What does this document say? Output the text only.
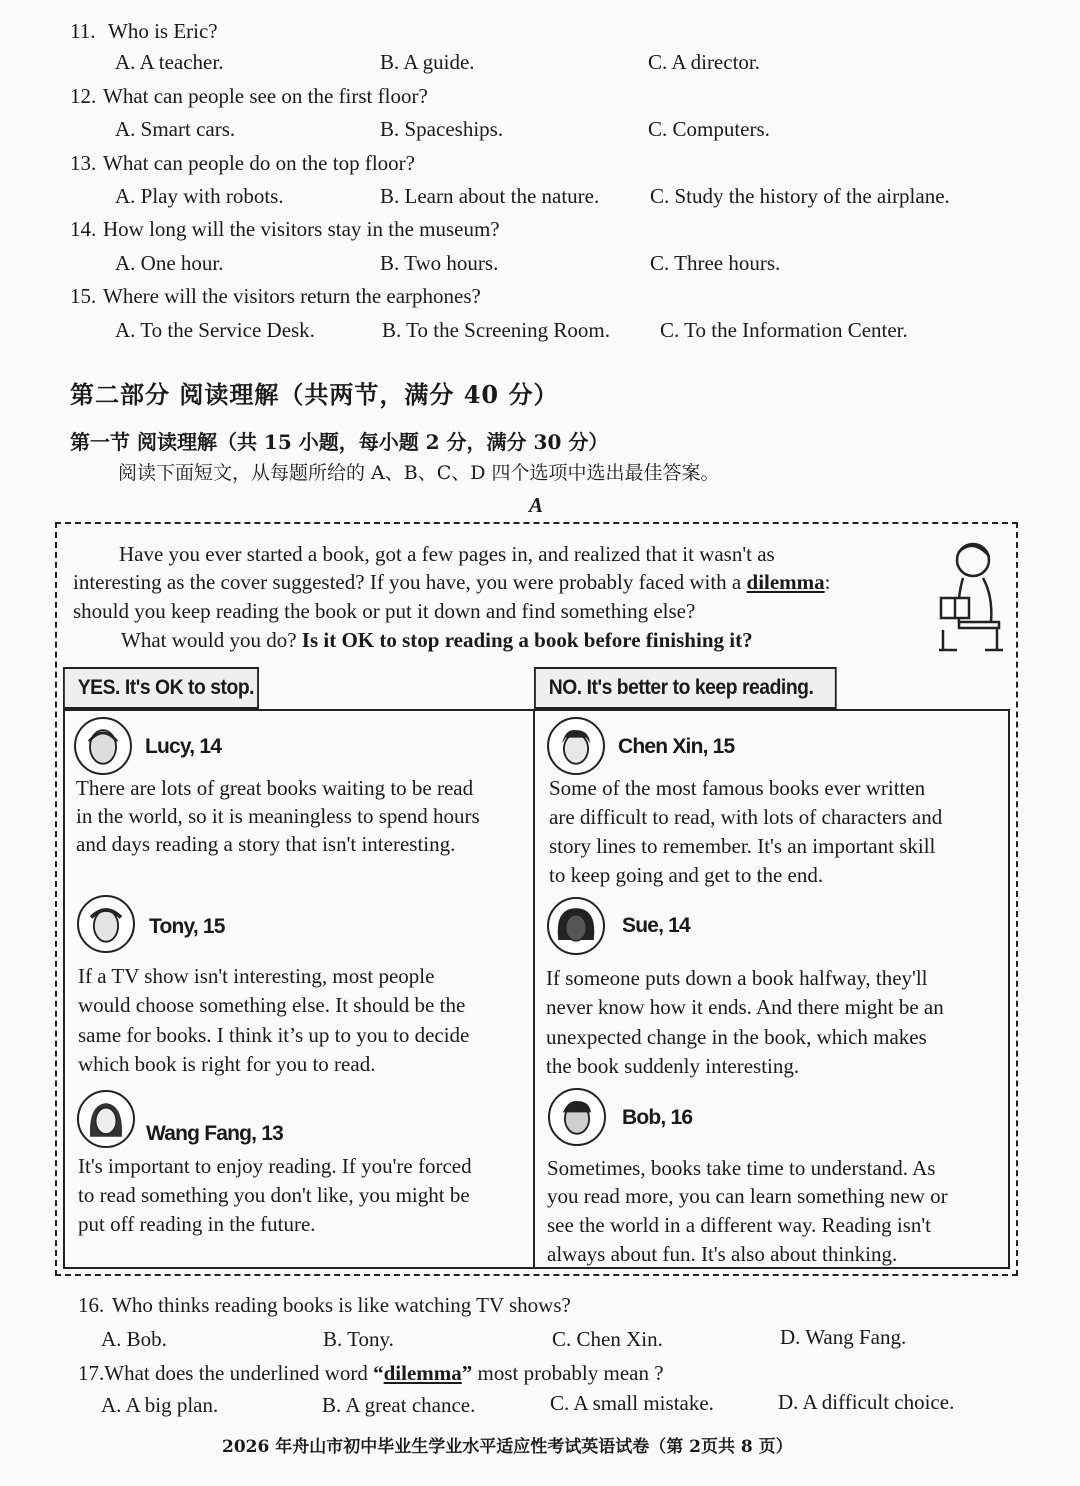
11. Who is Eric?
A. A teacher.	B. A guide.	C. A director.
12. What can people see on the first floor?
A. Smart cars.	B. Spaceships.	C. Computers.
13. What can people do on the top floor?
A. Play with robots.	B. Learn about the nature. C. Study the history of the airplane.
14. How long will the visitors stay in the museum?
A. One hour.	B. Two hours.	C. Three hours.
15. Where will the visitors return the earphones?
A. To the Service Desk.	B. To the Screening Room. C. To the Information Center.
第二部分 阅读理解（共两节，满分 40 分）
第一节 阅读理解（共 15 小题，每小题 2 分，满分 30 分）
阅读下面短文，从每题所给的 A、B、C、D 四个选项中选出最佳答案。
A
Have you ever started a book, got a few pages in, and realized that it wasn't as
interesting as the cover suggested? If you have, you were probably faced with a dilemma:
should you keep reading the book or put it down and find something else?
What would you do? Is it OK to stop reading a book before finishing it?
YES. It's OK to stop.	NO. It's better to keep reading.
Lucy, 14
There are lots of great books waiting to be read
in the world, so it is meaningless to spend hours
and days reading a story that isn't interesting.
Tony, 15
If a TV show isn't interesting, most people
would choose something else. It should be the
same for books. I think it’s up to you to decide
which book is right for you to read.
Wang Fang, 13
It's important to enjoy reading. If you're forced
to read something you don't like, you might be
put off reading in the future.
Chen Xin, 15
Some of the most famous books ever written
are difficult to read, with lots of characters and
story lines to remember. It's an important skill
to keep going and get to the end.
Sue, 14
If someone puts down a book halfway, they'll
never know how it ends. And there might be an
unexpected change in the book, which makes
the book suddenly interesting.
Bob, 16
Sometimes, books take time to understand. As
you read more, you can learn something new or
see the world in a different way. Reading isn't
always about fun. It's also about thinking.
16. Who thinks reading books is like watching TV shows?
A. Bob.	B. Tony.	C. Chen Xin.	D. Wang Fang.
17.What does the underlined word “dilemma” most probably mean ?
A. A big plan.	B. A great chance.	C. A small mistake.	D. A difficult choice.
2026 年舟山市初中毕业生学业水平适应性考试英语试卷（第 2页共 8 页）
